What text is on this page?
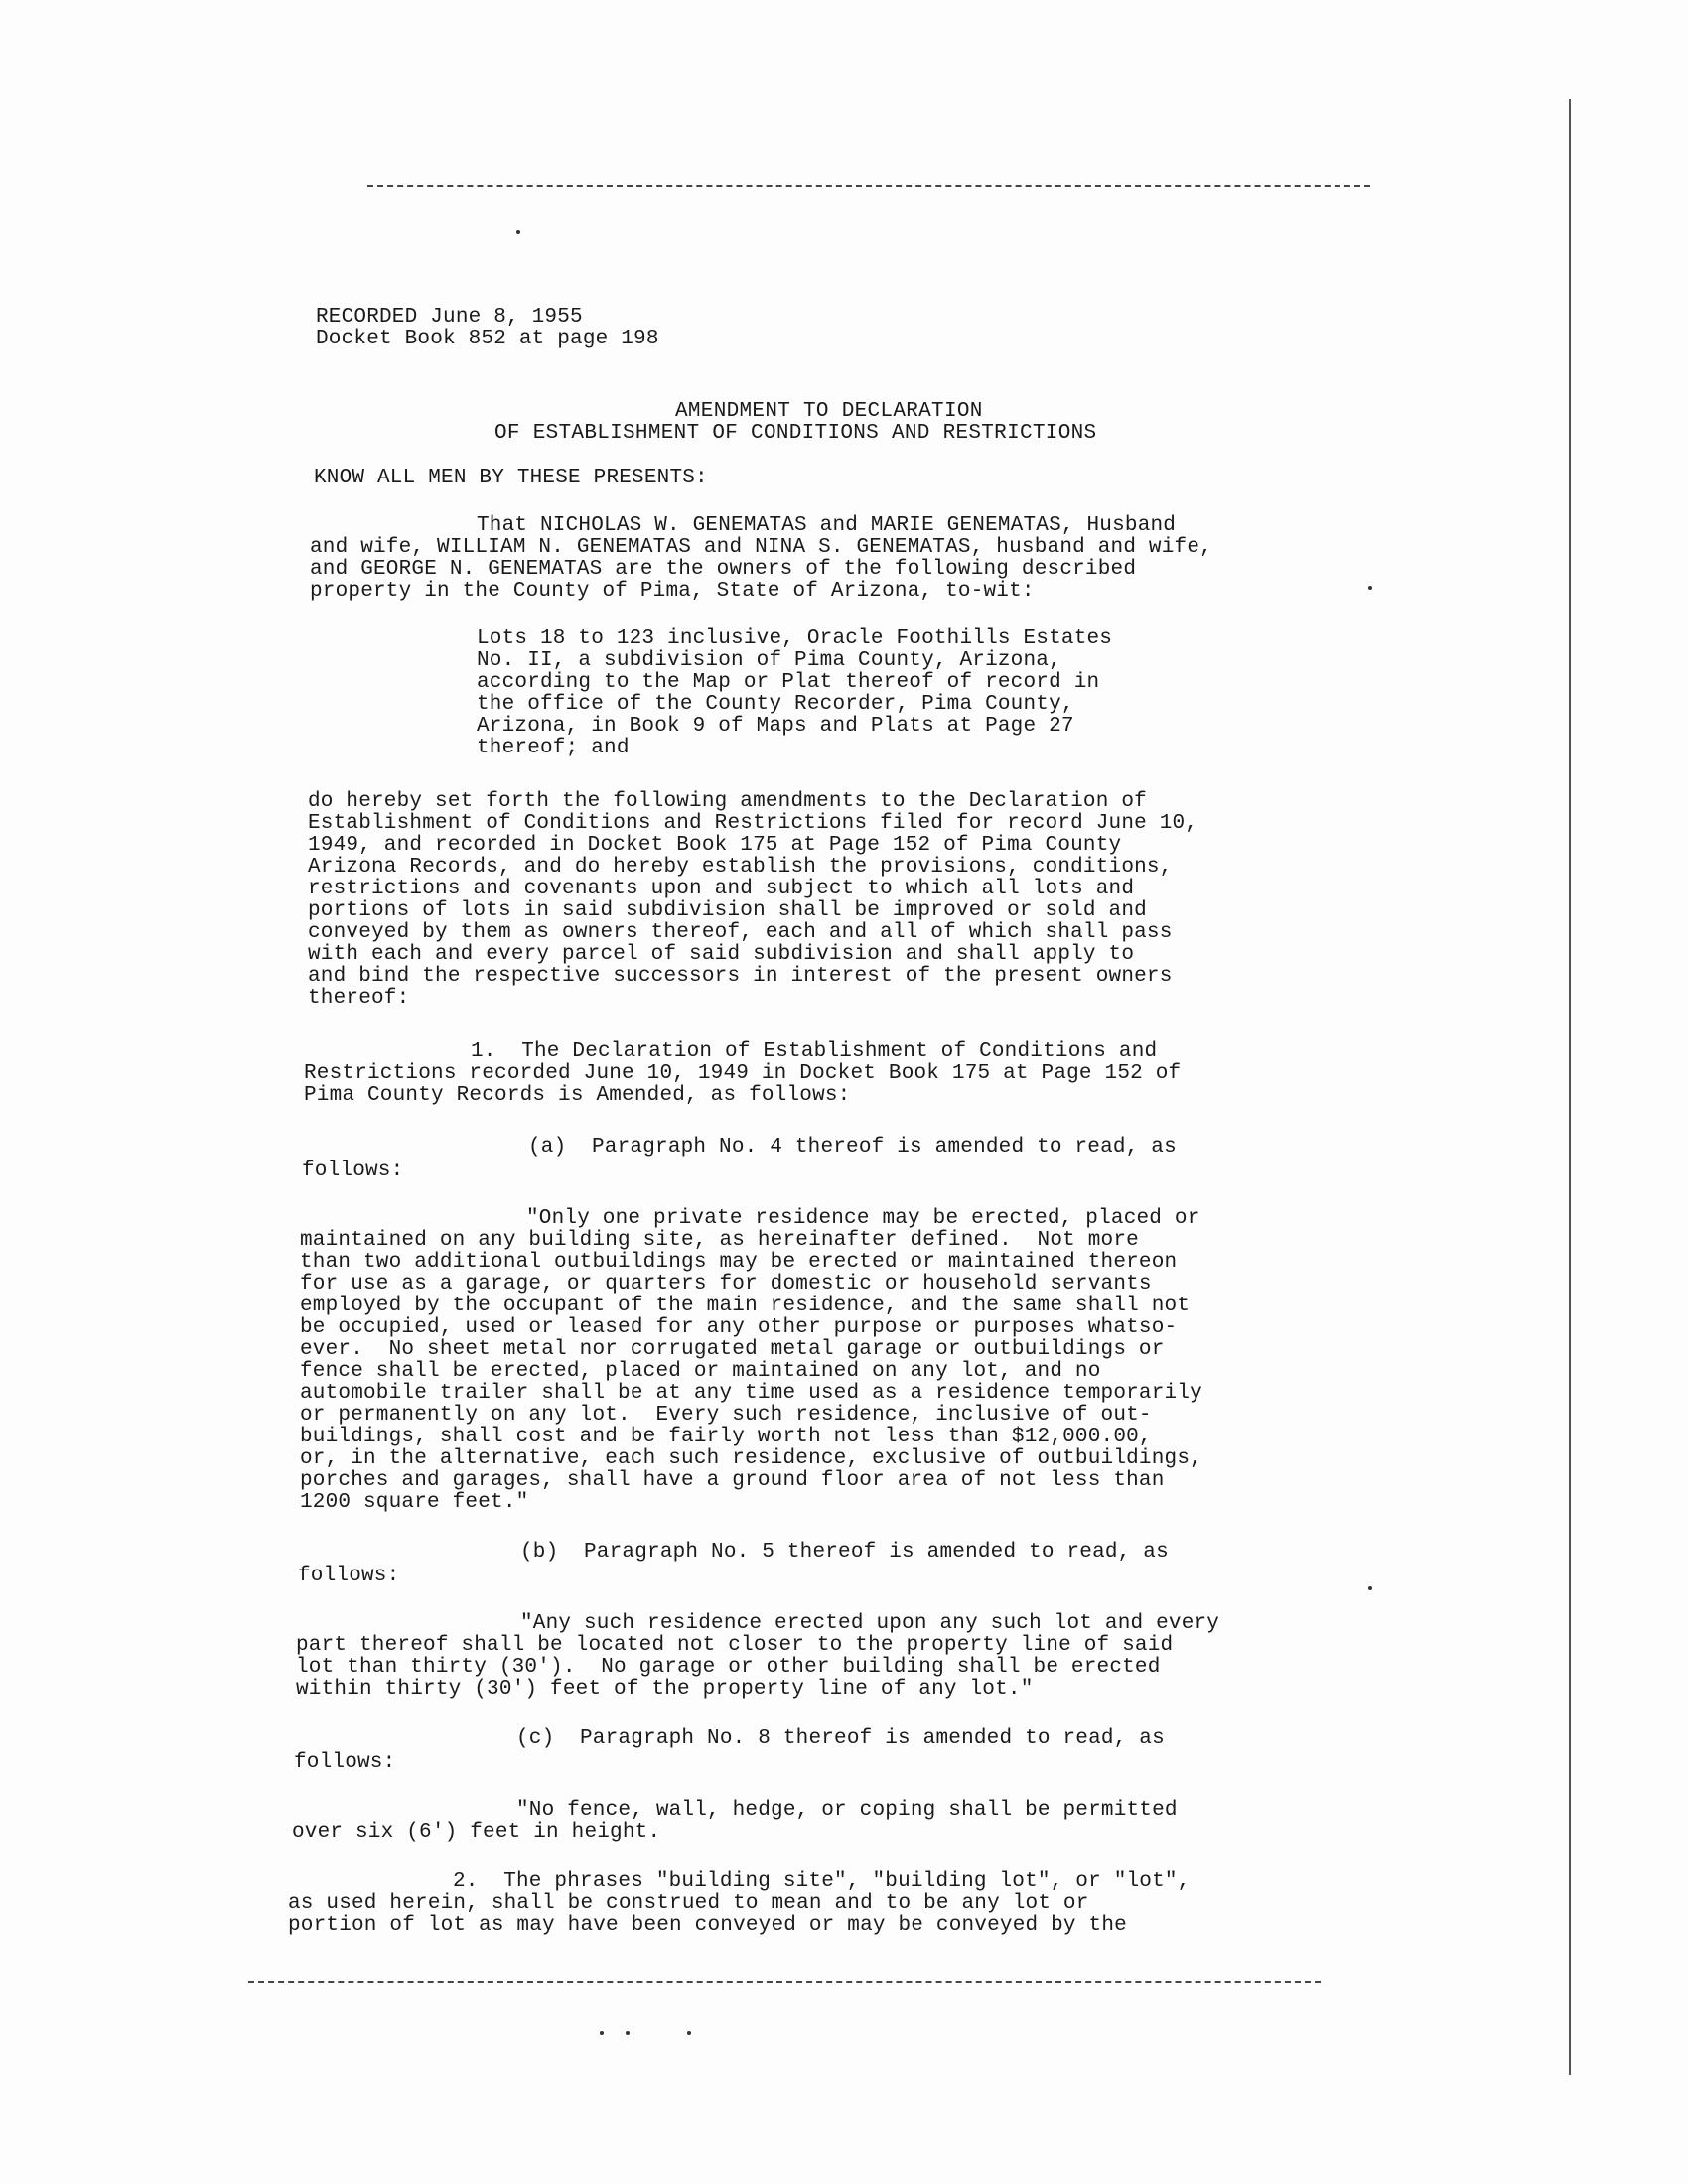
RECORDED June 8, 1955
Docket Book 852 at page 198
AMENDMENT TO DECLARATION
OF ESTABLISHMENT OF CONDITIONS AND RESTRICTIONS
KNOW ALL MEN BY THESE PRESENTS:
That NICHOLAS W. GENEMATAS and MARIE GENEMATAS, Husband
and wife, WILLIAM N. GENEMATAS and NINA S. GENEMATAS, husband and wife,
and GEORGE N. GENEMATAS are the owners of the following described
property in the County of Pima, State of Arizona, to-wit:
Lots 18 to 123 inclusive, Oracle Foothills Estates
No. II, a subdivision of Pima County, Arizona,
according to the Map or Plat thereof of record in
the office of the County Recorder, Pima County,
Arizona, in Book 9 of Maps and Plats at Page 27
thereof; and
do hereby set forth the following amendments to the Declaration of
Establishment of Conditions and Restrictions filed for record June 10,
1949, and recorded in Docket Book 175 at Page 152 of Pima County
Arizona Records, and do hereby establish the provisions, conditions,
restrictions and covenants upon and subject to which all lots and
portions of lots in said subdivision shall be improved or sold and
conveyed by them as owners thereof, each and all of which shall pass
with each and every parcel of said subdivision and shall apply to
and bind the respective successors in interest of the present owners
thereof:
1.  The Declaration of Establishment of Conditions and
Restrictions recorded June 10, 1949 in Docket Book 175 at Page 152 of
Pima County Records is Amended, as follows:
(a)  Paragraph No. 4 thereof is amended to read, as
follows:
"Only one private residence may be erected, placed or
maintained on any building site, as hereinafter defined.  Not more
than two additional outbuildings may be erected or maintained thereon
for use as a garage, or quarters for domestic or household servants
employed by the occupant of the main residence, and the same shall not
be occupied, used or leased for any other purpose or purposes whatso-
ever.  No sheet metal nor corrugated metal garage or outbuildings or
fence shall be erected, placed or maintained on any lot, and no
automobile trailer shall be at any time used as a residence temporarily
or permanently on any lot.  Every such residence, inclusive of out-
buildings, shall cost and be fairly worth not less than $12,000.00,
or, in the alternative, each such residence, exclusive of outbuildings,
porches and garages, shall have a ground floor area of not less than
1200 square feet."
(b)  Paragraph No. 5 thereof is amended to read, as
follows:
"Any such residence erected upon any such lot and every
part thereof shall be located not closer to the property line of said
lot than thirty (30').  No garage or other building shall be erected
within thirty (30') feet of the property line of any lot."
(c)  Paragraph No. 8 thereof is amended to read, as
follows:
"No fence, wall, hedge, or coping shall be permitted
over six (6') feet in height.
2.  The phrases "building site", "building lot", or "lot",
as used herein, shall be construed to mean and to be any lot or
portion of lot as may have been conveyed or may be conveyed by the
